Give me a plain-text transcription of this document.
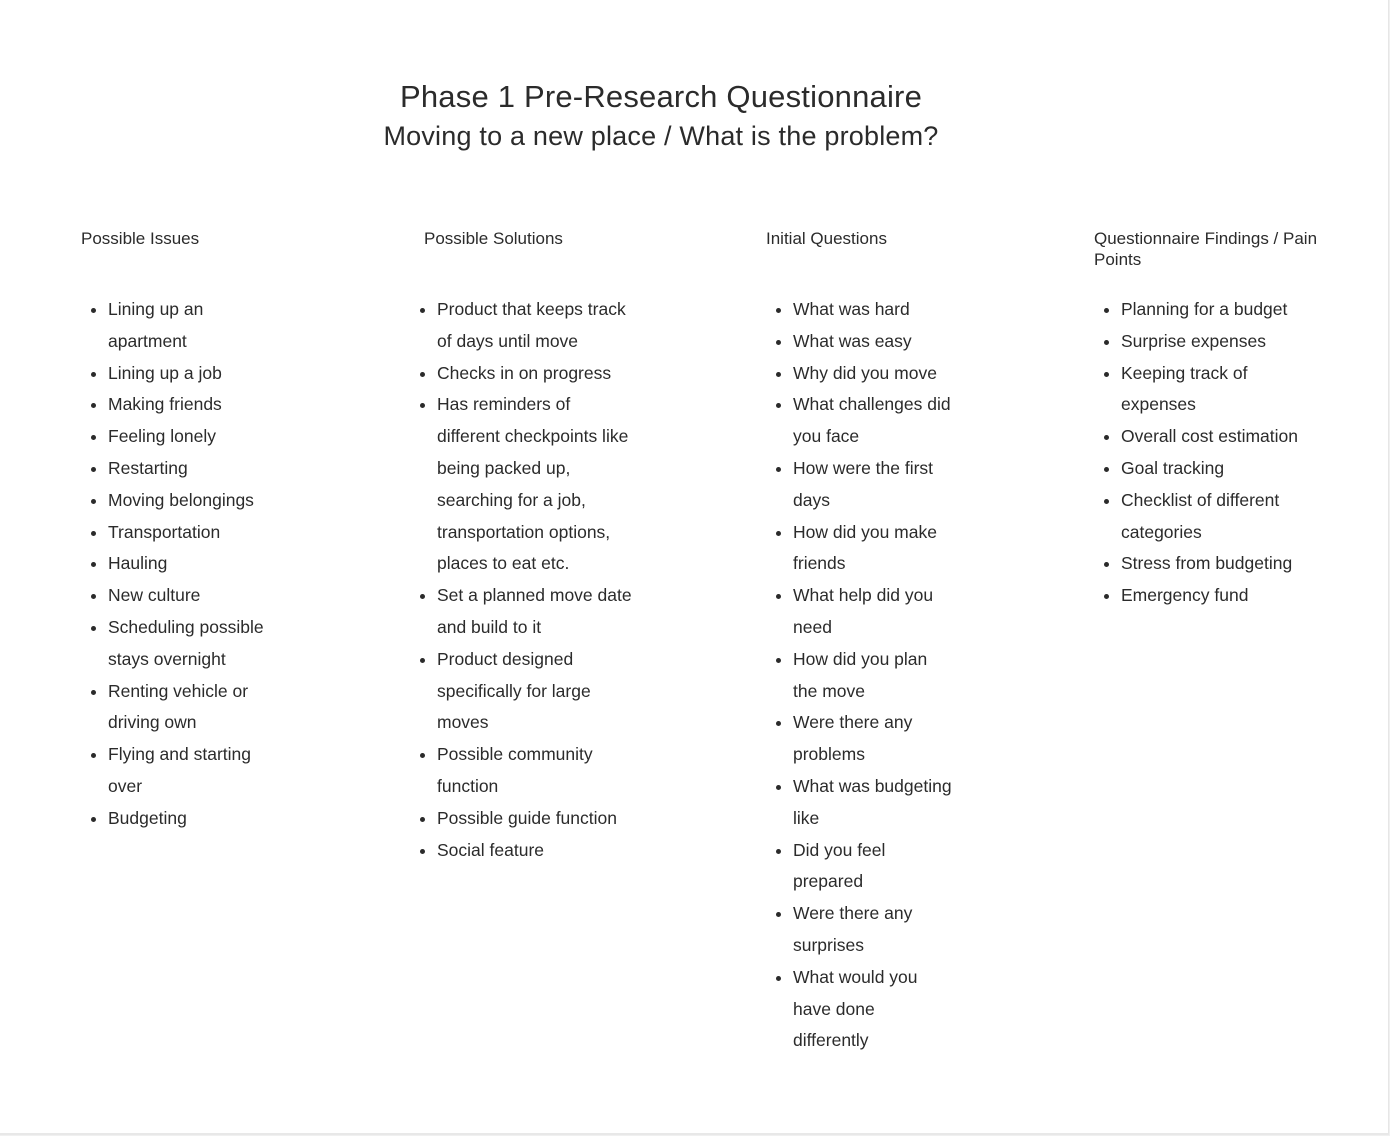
Phase 1 Pre-Research Questionnaire
Moving to a new place / What is the problem?
Possible Issues
• Lining up an apartment
• Lining up a job
• Making friends
• Feeling lonely
• Restarting
• Moving belongings
• Transportation
• Hauling
• New culture
• Scheduling possible stays overnight
• Renting vehicle or driving own
• Flying and starting over
• Budgeting
Possible Solutions
• Product that keeps track of days until move
• Checks in on progress
• Has reminders of different checkpoints like being packed up, searching for a job, transportation options, places to eat etc.
• Set a planned move date and build to it
• Product designed specifically for large moves
• Possible community function
• Possible guide function
• Social feature
Initial Questions
• What was hard
• What was easy
• Why did you move
• What challenges did you face
• How were the first days
• How did you make friends
• What help did you need
• How did you plan the move
• Were there any problems
• What was budgeting like
• Did you feel prepared
• Were there any surprises
• What would you have done differently
Questionnaire Findings / Pain Points
• Planning for a budget
• Surprise expenses
• Keeping track of expenses
• Overall cost estimation
• Goal tracking
• Checklist of different categories
• Stress from budgeting
• Emergency fund
